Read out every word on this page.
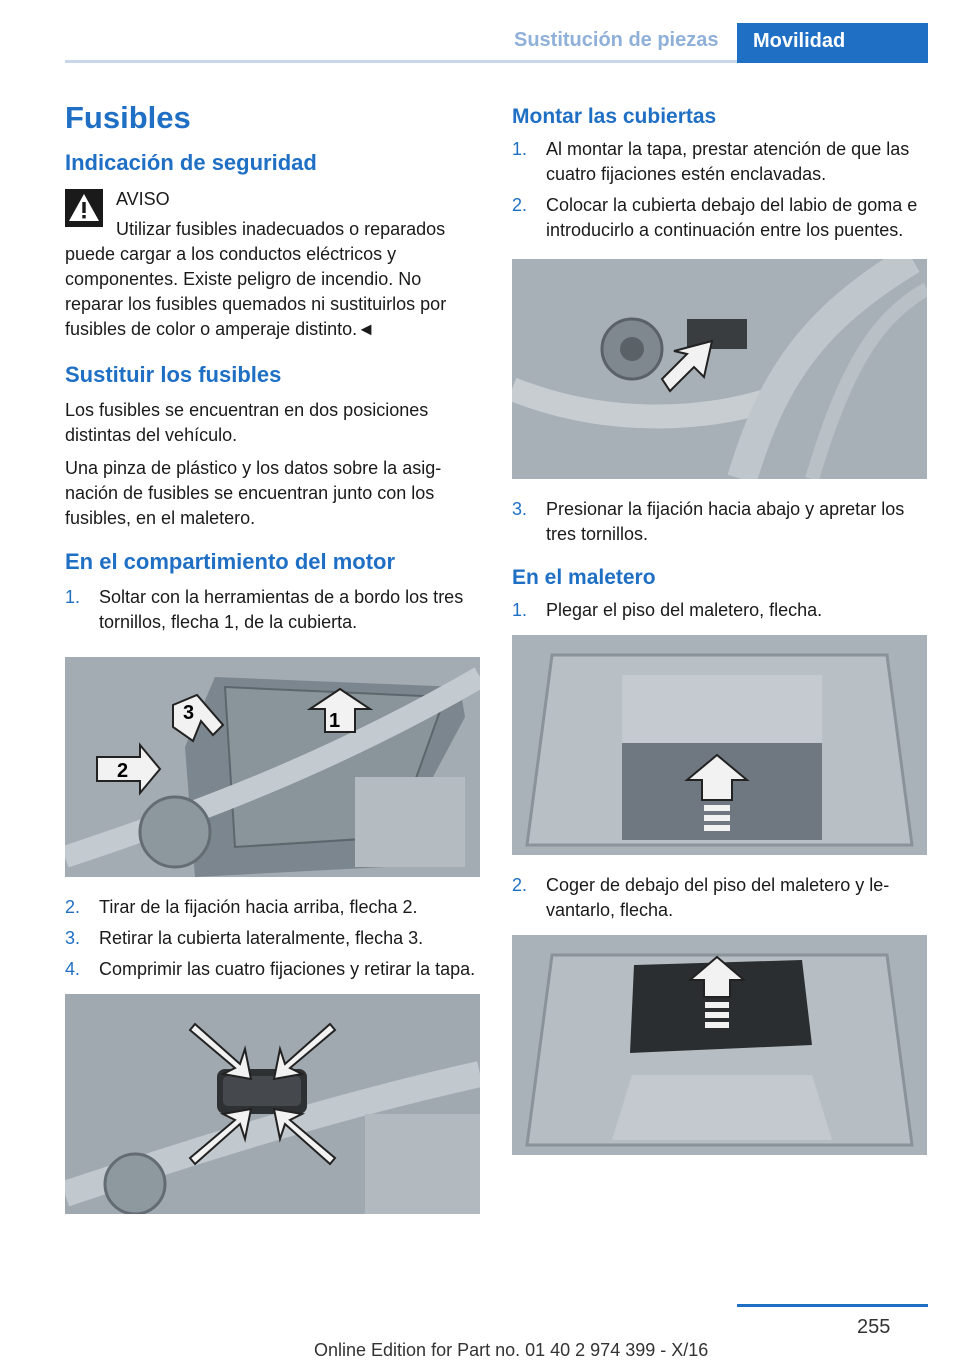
Sustitución de piezas	Movilidad
Fusibles
Indicación de seguridad
AVISO
Utilizar fusibles inadecuados o reparados

puede cargar a los conductos eléctricos y componentes. Existe peligro de incendio. No reparar los fusibles quemados ni sustituirlos por fusibles de color o amperaje distinto.◄

Sustituir los fusibles

Los fusibles se encuentran en dos posiciones distintas del vehículo.

Una pinza de plástico y los datos sobre la asig-nación de fusibles se encuentran junto con los fusibles, en el maletero.

En el compartimiento del motor
1. Soltar con la herramientas de a bordo los tres tornillos, flecha 1, de la cubierta.
1
2
3
2. Tirar de la fijación hacia arriba, flecha 2.
3. Retirar la cubierta lateralmente, flecha 3.
4. Comprimir las cuatro fijaciones y retirar la tapa.
Montar las cubiertas
1. Al montar la tapa, prestar atención de que las cuatro fijaciones estén enclavadas.
2. Colocar la cubierta debajo del labio de goma e introducirlo a continuación entre los puentes.
3. Presionar la fijación hacia abajo y apretar los tres tornillos.
En el maletero
1. Plegar el piso del maletero, flecha.
2. Coger de debajo del piso del maletero y le-vantarlo, flecha.
255
Online Edition for Part no. 01 40 2 974 399 - X/16
